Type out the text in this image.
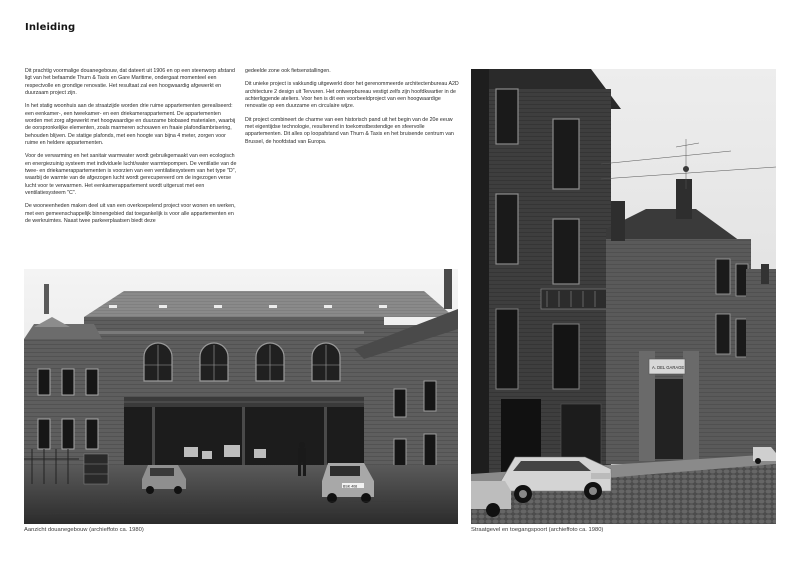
Inleiding

Dit prachtig voormalige douanegebouw, dat dateert uit 1906 en op een steenworp afstand ligt van het befaamde Thurn & Taxis en Gare Maritime, ondergaat momenteel een respectvolle en grondige renovatie. Het resultaat zal een hoogwaardig afgewerkt en duurzaam project zijn.

In het statig woonhuis aan de straatzijde worden drie ruime appartementen gerealiseerd: een eenkamer-, een tweekamer- en een driekamerappartement. De appartementen worden met zorg afgewerkt met hoogwaardige en duurzame biobased materialen, waarbij de oorspronkelijke elementen, zoals marmeren schouwen en fraaie plafondlambrisering, behouden blijven. De statige plafonds, met een hoogte van bijna 4 meter, zorgen voor ruime en heldere appartementen.

Voor de verwarming en het sanitair warmwater wordt gebruikgemaakt van een ecologisch en energiezuinig systeem met individuele lucht/water warmtepompen. De ventilatie van de twee- en driekamerappartementen is voorzien van een ventilatiesysteem van het type "D", waarbij de warmte van de afgezogen lucht wordt gerecupereerd om de ingezogen verse lucht voor te verwarmen. Het eenkamerappartement wordt uitgerust met een ventilatiesysteem "C".

De wooneenheden maken deel uit van een overkoepelend project voor wonen en werken, met een gemeenschappelijk binnengebied dat toegankelijk is voor alle appartementen en de werkruimtes. Naast twee parkeerplaatsen biedt deze

gedeelde zone ook fietsenstallingen.

Dit unieke project is vakkundig uitgewerkt door het gerenommeerde architectenbureau A2D architecture 2 design uit Tervuren. Het ontwerpbureau vestigt zelfs zijn hoofdkwartier in de achterliggende ateliers. Voor hen is dit een voorbeeldproject van een hoogwaardige renovatie op een duurzame en circulaire wijze.

Dit project combineert de charme van een historisch pand uit het begin van de 20e eeuw met eigentijdse technologie, resulterend in toekomstbestendige en sfeervolle appartementen. Dit alles op loopafstand van Thurn & Taxis en het bruisende centrum van Brussel, de hoofdstad van Europa.

BSK 408
A. DEL GARAGE
Aanzicht douanegebouw (archieffoto ca. 1980)	Straatgevel en toegangspoort (archieffoto ca. 1980)
